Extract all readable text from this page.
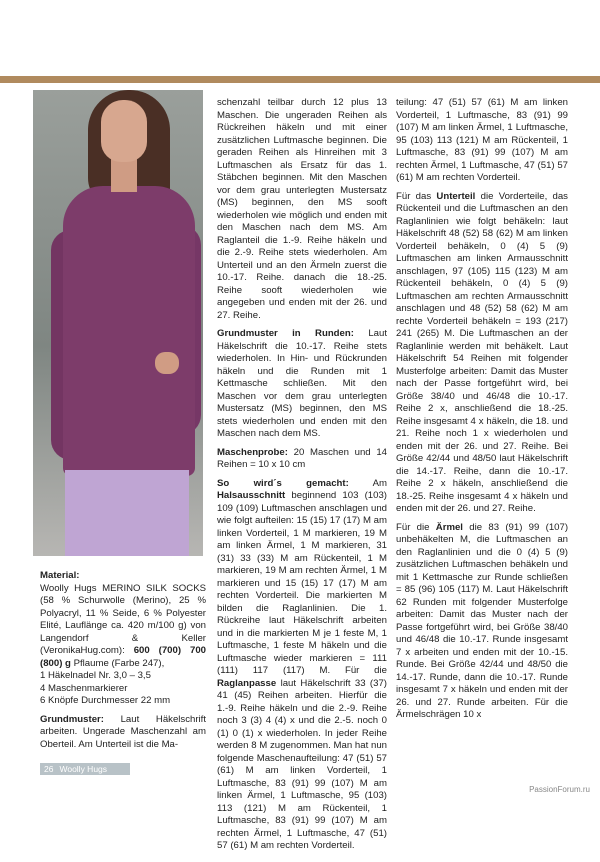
Material:
Woolly Hugs MERINO SILK SOCKS (58 % Schurwolle (Merino), 25 % Polyacryl, 11 % Seide, 6 % Polyester Elité, Lauflänge ca. 420 m/100 g) von Langendorf & Keller (VeronikaHug.com): 600 (700) 700 (800) g Pflaume (Farbe 247),
1 Häkelnadel Nr. 3,0 – 3,5
4 Maschenmarkierer
6 Knöpfe Durchmesser 22 mm

Grundmuster: Laut Häkelschrift arbeiten. Ungerade Maschenzahl am Oberteil. Am Unterteil ist die Ma-

schenzahl teilbar durch 12 plus 13 Maschen. Die ungeraden Reihen als Rückreihen häkeln und mit einer zusätzlichen Luftmasche beginnen. Die geraden Reihen als Hinreihen mit 3 Luftmaschen als Ersatz für das 1. Stäbchen beginnen. Mit den Maschen vor dem grau unterlegten Mustersatz (MS) beginnen, den MS sooft wiederholen wie möglich und enden mit den Maschen nach dem MS. Am Raglanteil die 1.-9. Reihe häkeln und die 2.-9. Reihe stets wiederholen. Am Unterteil und an den Ärmeln zuerst die 10.-17. Reihe. danach die 18.-25. Reihe sooft wiederholen wie angegeben und enden mit der 26. und 27. Reihe.

Grundmuster in Runden: Laut Häkelschrift die 10.-17. Reihe stets wiederholen. In Hin- und Rückrunden häkeln und die Runden mit 1 Kettmasche schließen. Mit den Maschen vor dem grau unterlegten Mustersatz (MS) beginnen, den MS stets wiederholen und enden mit den Maschen nach dem MS.

Maschenprobe: 20 Maschen und 14 Reihen = 10 x 10 cm

So wird´s gemacht: Am Halsausschnitt beginnend 103 (103) 109 (109) Luftmaschen anschlagen und wie folgt aufteilen: 15 (15) 17 (17) M am linken Vorderteil, 1 M markieren, 19 M am linken Ärmel, 1 M markieren, 31 (31) 33 (33) M am Rückenteil, 1 M markieren, 19 M am rechten Ärmel, 1 M markieren und 15 (15) 17 (17) M am rechten Vorderteil. Die markierten M bilden die Raglanlinien. Die 1. Rückreihe laut Häkelschrift arbeiten und in die markierten M je 1 feste M, 1 Luftmasche, 1 feste M häkeln und die Luftmasche wieder markieren = 111 (111) 117 (117) M. Für die Raglanpasse laut Häkelschrift 33 (37) 41 (45) Reihen arbeiten. Hierfür die 1.-9. Reihe häkeln und die 2.-9. Reihe noch 3 (3) 4 (4) x und die 2.-5. noch 0 (1) 0 (1) x wiederholen. In jeder Reihe werden 8 M zugenommen. Man hat nun folgende Maschenaufteilung: 47 (51) 57 (61) M am linken Vorderteil, 1 Luftmasche, 83 (91) 99 (107) M am linken Ärmel, 1 Luftmasche, 95 (103) 113 (121) M am Rückenteil, 1 Luftmasche, 83 (91) 99 (107) M am rechten Ärmel, 1 Luftmasche, 47 (51) 57 (61) M am rechten Vorderteil.

teilung: 47 (51) 57 (61) M am linken Vorderteil, 1 Luftmasche, 83 (91) 99 (107) M am linken Ärmel, 1 Luftmasche, 95 (103) 113 (121) M am Rückenteil, 1 Luftmasche, 83 (91) 99 (107) M am rechten Ärmel, 1 Luftmasche, 47 (51) 57 (61) M am rechten Vorderteil.

Für das Unterteil die Vorderteile, das Rückenteil und die Luftmaschen an den Raglanlinien wie folgt behäkeln: laut Häkelschrift 48 (52) 58 (62) M am linken Vorderteil behäkeln, 0 (4) 5 (9) Luftmaschen am linken Armausschnitt anschlagen, 97 (105) 115 (123) M am Rückenteil behäkeln, 0 (4) 5 (9) Luftmaschen am rechten Armausschnitt anschlagen und 48 (52) 58 (62) M am rechte Vorderteil behäkeln = 193 (217) 241 (265) M. Die Luftmaschen an der Raglanlinie werden mit behäkelt. Laut Häkelschrift 54 Reihen mit folgender Musterfolge arbeiten: Damit das Muster nach der Passe fortgeführt wird, bei Größe 38/40 und 46/48 die 10.-17. Reihe 2 x, anschließend die 18.-25. Reihe insgesamt 4 x häkeln, die 18. und 21. Reihe noch 1 x wiederholen und enden mit der 26. und 27. Reihe. Bei Größe 42/44 und 48/50 laut Häkelschrift die 14.-17. Reihe, dann die 10.-17. Reihe 2 x häkeln, anschließend die 18.-25. Reihe insgesamt 4 x häkeln und enden mit der 26. und 27. Reihe.

Für die Ärmel die 83 (91) 99 (107) unbehäkelten M, die Luftmaschen an den Raglanlinien und die 0 (4) 5 (9) zusätzlichen Luftmaschen behäkeln und mit 1 Kettmasche zur Runde schließen = 85 (96) 105 (117) M. Laut Häkelschrift 62 Runden mit folgender Musterfolge arbeiten: Damit das Muster nach der Passe fortgeführt wird, bei Größe 38/40 und 46/48 die 10.-17. Runde insgesamt 7 x arbeiten und enden mit der 10.-15. Runde. Bei Größe 42/44 und 48/50 die 14.-17. Runde, dann die 10.-17. Runde insgesamt 7 x häkeln und enden mit der 26. und 27. Runde arbeiten. Für die Ärmelschrägen 10 x

26 Woolly Hugs
PassionForum.ru
